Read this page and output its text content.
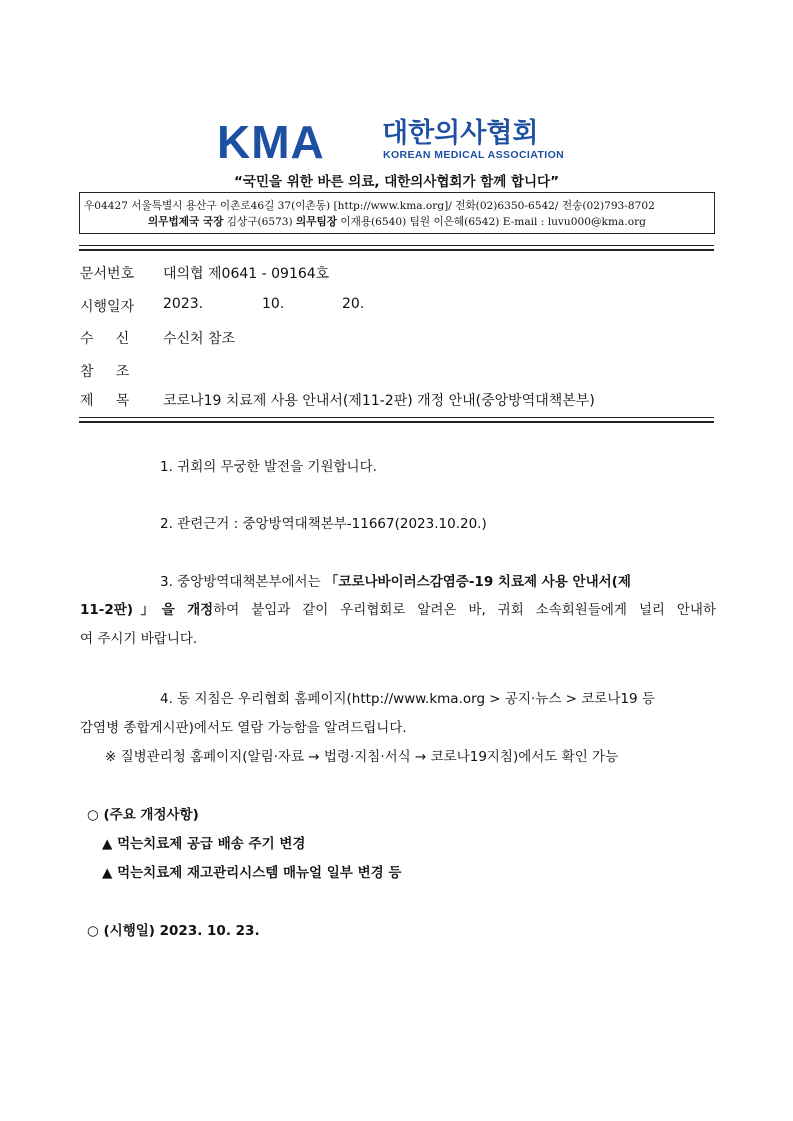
KMA 대한의사협회
KOREAN MEDICAL ASSOCIATION
“국민을 위한 바른 의료, 대한의사협회가 함께 합니다”
우04427 서울특별시 용산구 이촌로46길 37(이촌동) [http://www.kma.org]/ 전화(02)6350-6542/ 전송(02)793-8702
의무법제국 국장 김상구(6573) 의무팀장 이재용(6540) 팀원 이은혜(6542) E-mail : luvu000@kma.org
문서번호	대의협 제0641 - 09164호
시행일자	2023.	10.	20.
수     신	수신처 참조
참     조
제     목	코로나19 치료제 사용 안내서(제11-2판) 개정 안내(중앙방역대책본부)
1. 귀회의 무궁한 발전을 기원합니다.
2. 관련근거 : 중앙방역대책본부-11667(2023.10.20.)
3. 중앙방역대책본부에서는 「코로나바이러스감염증-19 치료제 사용 안내서(제
11-2판)」을 개정하여 붙임과 같이 우리협회로 알려온 바, 귀회 소속회원들에게 널리 안내하
여 주시기 바랍니다.
4. 동 지침은 우리협회 홈페이지(http://www.kma.org > 공지·뉴스 > 코로나19 등
감염병 종합게시판)에서도 열람 가능함을 알려드립니다.
※ 질병관리청 홈페이지(알림·자료 → 법령·지침·서식 → 코로나19지침)에서도 확인 가능
○ (주요 개정사항)
▲ 먹는치료제 공급 배송 주기 변경
▲ 먹는치료제 재고관리시스템 매뉴얼 일부 변경 등
○ (시행일) 2023. 10. 23.
